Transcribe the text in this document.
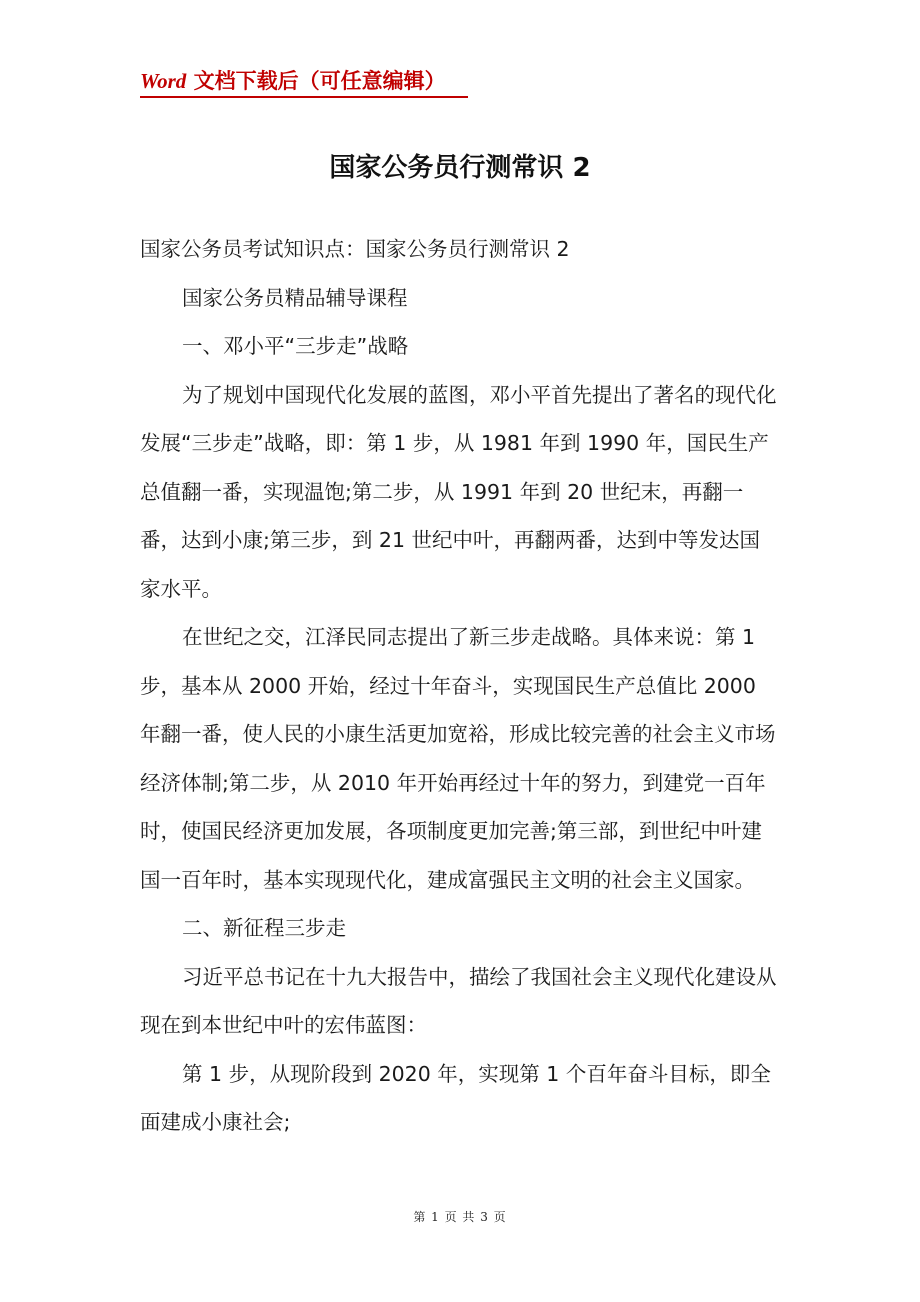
Word 文档下载后（可任意编辑）
国家公务员行测常识 2

国家公务员考试知识点：国家公务员行测常识 2

国家公务员精品辅导课程

一、邓小平“三步走”战略

为了规划中国现代化发展的蓝图，邓小平首先提出了著名的现代化发展“三步走”战略，即：第 1 步，从 1981 年到 1990 年，国民生产总值翻一番，实现温饱;第二步，从 1991 年到 20 世纪末，再翻一番，达到小康;第三步，到 21 世纪中叶，再翻两番，达到中等发达国家水平。

在世纪之交，江泽民同志提出了新三步走战略。具体来说：第 1 步，基本从 2000 开始，经过十年奋斗，实现国民生产总值比 2000 年翻一番，使人民的小康生活更加宽裕，形成比较完善的社会主义市场经济体制;第二步，从 2010 年开始再经过十年的努力，到建党一百年时，使国民经济更加发展，各项制度更加完善;第三部，到世纪中叶建国一百年时，基本实现现代化，建成富强民主文明的社会主义国家。

二、新征程三步走

习近平总书记在十九大报告中，描绘了我国社会主义现代化建设从现在到本世纪中叶的宏伟蓝图：

第 1 步，从现阶段到 2020 年，实现第 1 个百年奋斗目标，即全面建成小康社会;

第 1 页 共 3 页
